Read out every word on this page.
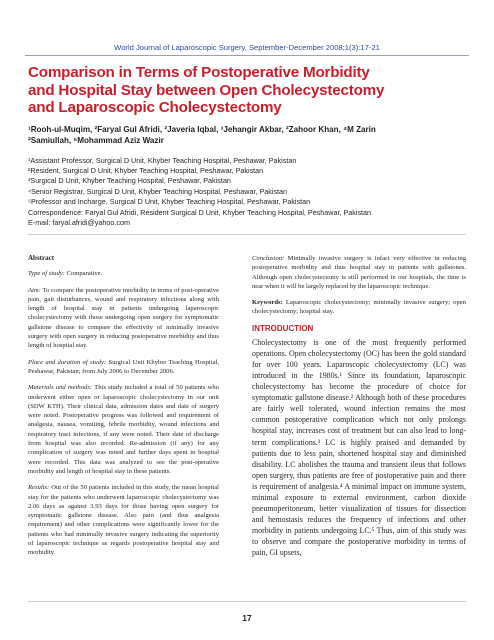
World Journal of Laparoscopic Surgery, September-December 2008;1(3):17-21
Comparison in Terms of Postoperative Morbidity
and Hospital Stay between Open Cholecystectomy
and Laparoscopic Cholecystectomy
¹Rooh-ul-Muqim, ²Faryal Gul Afridi, ²Javeria Iqbal, ³Jehangir Akbar, ²Zahoor Khan, ⁴M Zarin
²Samiullah, ⁵Mohammad Aziz Wazir
¹Assistant Professor, Surgical D Unit, Khyber Teaching Hospital, Peshawar, Pakistan
²Resident, Surgical D Unit, Khyber Teaching Hospital, Peshawar, Pakistan
³Surgical D Unit, Khyber Teaching Hospital, Peshawar, Pakistan
⁴Senior Registrar, Surgical D Unit, Khyber Teaching Hospital, Peshawar, Pakistan
⁵Professor and Incharge, Surgical D Unit, Khyber Teaching Hospital, Peshawar, Pakistan
Correspondence: Faryal Gul Afridi, Resident Surgical D Unit, Khyber Teaching Hospital, Peshawar, Pakistan
E-mail: faryal.afridi@yahoo.com
Abstract

Type of study: Comparative.

Aim: To compare the postoperative morbidity in terms of post-operative pain, gait disturbances, wound and respiratory infections along with length of hospital stay in patients undergoing laparoscopic cholecystectomy with those undergoing open surgery for symptomatic gallstone disease to compare the effectivity of minimally invasive surgery with open surgery in reducing postoperative morbidity and thus length of hospital stay.

Place and duration of study: Surgical Unit Khyber Teaching Hospital, Peshawar, Pakistan; from July 2006 to December 2006.

Materials and methods: This study included a total of 50 patients who underwent either open or laparoscopic cholecystectomy in our unit (SDW KTH). Their clinical data, admission dates and date of surgery were noted. Postoperative progress was followed and requirement of analgesia, nausea, vomiting, febrile morbidity, wound infections and respiratory tract infections, if any were noted. Their date of discharge from hospital was also recorded. Re-admission (if any) for any complication of surgery was noted and further days spent in hospital were recorded. This data was analyzed to see the post-operative morbidity and length of hospital stay in these patients.

Results: Out of the 50 patients included in this study, the mean hospital stay for the patients who underwent laparoscopic cholecystectomy was 2.06 days as against 3.93 days for those having open surgery for symptomatic gallstone disease. Also pain (and thus analgesia requirement) and other complications were significantly lower for the patients who had minimally invasive surgery indicating the superiority of laparoscopic technique as regards postoperative hospital stay and morbidity.

Conclusion: Minimally invasive surgery is infact very effective in reducing postoperative morbidity and thus hospital stay in patients with gallstones. Although open cholecystectomy is still performed in our hospitals, the time is near when it will be largely replaced by the laparoscopic technique.

Keywords: Laparoscopic cholecystectomy; minimally invasive surgery; open cholecystectomy; hospital stay.

INTRODUCTION

Cholecystectomy is one of the most frequently performed operations. Open cholecystectomy (OC) has been the gold standard for over 100 years. Laparoscopic cholecystectomy (LC) was introduced in the 1980s.¹ Since its foundation, laparoscopic cholecystectomy has become the procedure of choice for symptomatic gallstone disease.² Although both of these procedures are fairly well tolerated, wound infection remains the most common postoperative complication which not only prolongs hospital stay, increases cost of treatment but can also lead to long-term complications.³ LC is highly praised and demanded by patients due to less pain, shortened hospital stay and diminished disability. LC abolishes the trauma and transient ileus that follows open surgery, thus patients are free of postoperative pain and there is requirement of analgesia.⁴ A minimal impact on immune system, minimal exposure to external environment, carbon dioxide pneumoperitoneum, better visualization of tissues for dissection and hemostasis reduces the frequency of infections and other morbidity in patients undergoing LC.⁵ Thus, aim of this study was to observe and compare the postoperative morbidity in terms of pain, GI upsets,

17
